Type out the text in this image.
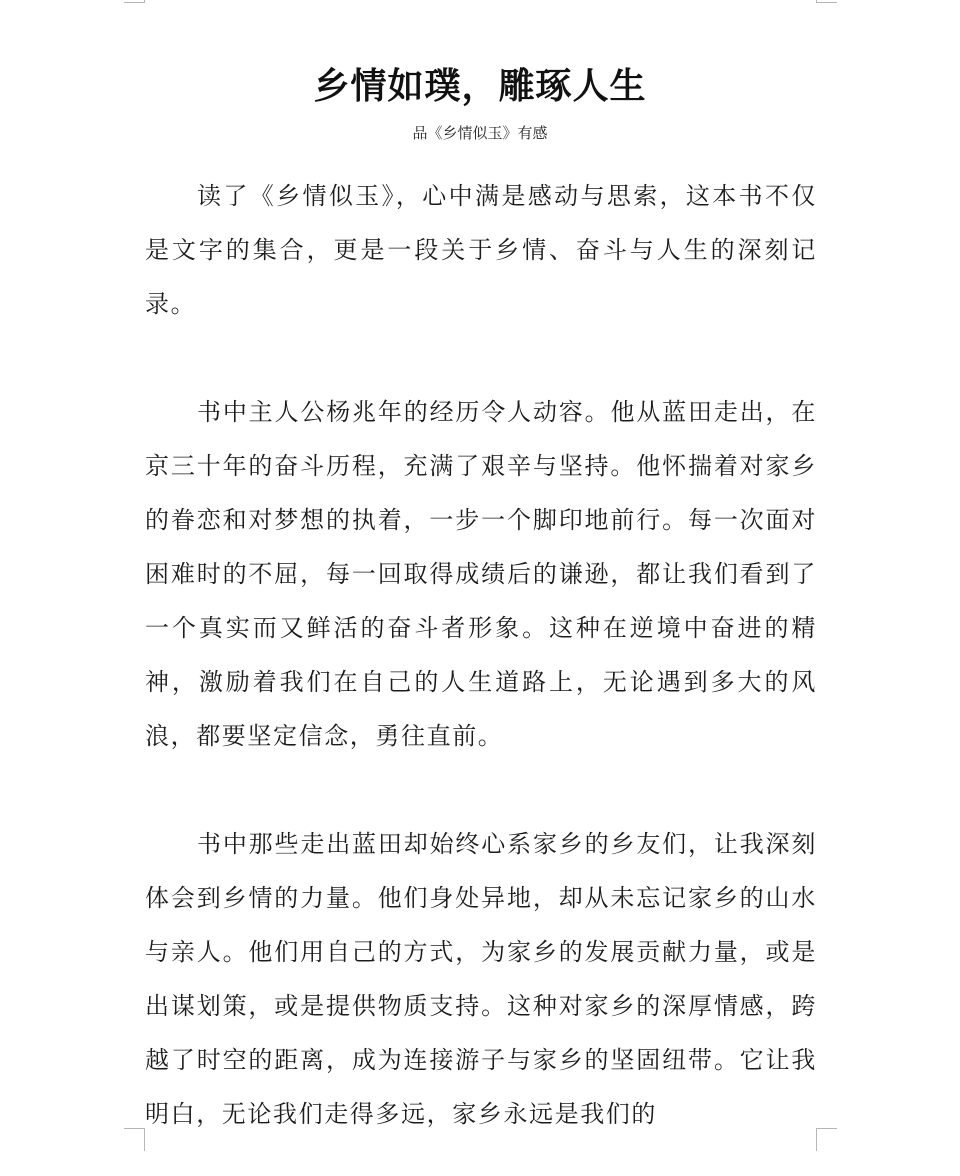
乡情如璞，雕琢人生
品《乡情似玉》有感

读了《乡情似玉》，心中满是感动与思索，这本书不仅是文字的集合，更是一段关于乡情、奋斗与人生的深刻记录。

书中主人公杨兆年的经历令人动容。他从蓝田走出，在京三十年的奋斗历程，充满了艰辛与坚持。他怀揣着对家乡的眷恋和对梦想的执着，一步一个脚印地前行。每一次面对困难时的不屈，每一回取得成绩后的谦逊，都让我们看到了一个真实而又鲜活的奋斗者形象。这种在逆境中奋进的精神，激励着我们在自己的人生道路上，无论遇到多大的风浪，都要坚定信念，勇往直前。

书中那些走出蓝田却始终心系家乡的乡友们，让我深刻体会到乡情的力量。他们身处异地，却从未忘记家乡的山水与亲人。他们用自己的方式，为家乡的发展贡献力量，或是出谋划策，或是提供物质支持。这种对家乡的深厚情感，跨越了时空的距离，成为连接游子与家乡的坚固纽带。它让我明白，无论我们走得多远，家乡永远是我们的
